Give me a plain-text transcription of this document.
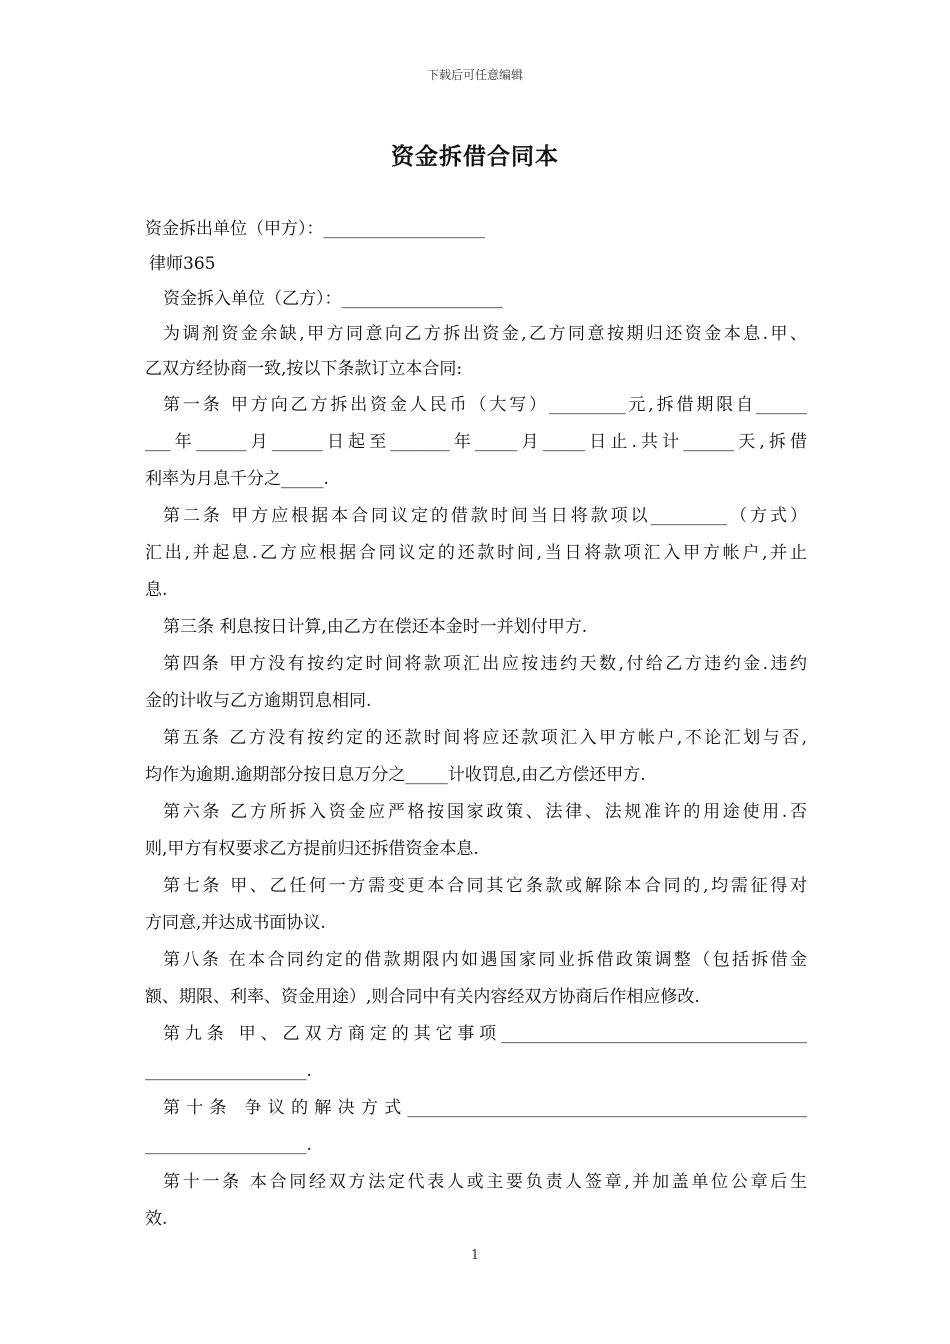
下载后可任意编辑
资金拆借合同本
资金拆出单位（甲方）：___________________
律师365
资金拆入单位（乙方）：___________________
为调剂资金余缺,甲方同意向乙方拆出资金,乙方同意按期归还资金本息.甲、
乙双方经协商一致,按以下条款订立本合同:
第一条 甲方向乙方拆出资金人民币（大写）_________元,拆借期限自______
___年______月______日起至_______年_____月_____日止.共计______天,拆借
利率为月息千分之_____.
第二条 甲方应根据本合同议定的借款时间当日将款项以_________（方式）
汇出,并起息.乙方应根据合同议定的还款时间,当日将款项汇入甲方帐户,并止
息.
第三条 利息按日计算,由乙方在偿还本金时一并划付甲方.
第四条 甲方没有按约定时间将款项汇出应按违约天数,付给乙方违约金.违约
金的计收与乙方逾期罚息相同.
第五条 乙方没有按约定的还款时间将应还款项汇入甲方帐户,不论汇划与否,
均作为逾期.逾期部分按日息万分之_____计收罚息,由乙方偿还甲方.
第六条 乙方所拆入资金应严格按国家政策、法律、法规准许的用途使用.否
则,甲方有权要求乙方提前归还拆借资金本息.
第七条 甲、乙任何一方需变更本合同其它条款或解除本合同的,均需征得对
方同意,并达成书面协议.
第八条 在本合同约定的借款期限内如遇国家同业拆借政策调整（包括拆借金
额、期限、利率、资金用途）,则合同中有关内容经双方协商后作相应修改.
第九条 甲、乙双方商定的其它事项____________________________________
___________________.
第十条 争议的解决方式_______________________________________________
___________________.
第十一条 本合同经双方法定代表人或主要负责人签章,并加盖单位公章后生
效.
1
